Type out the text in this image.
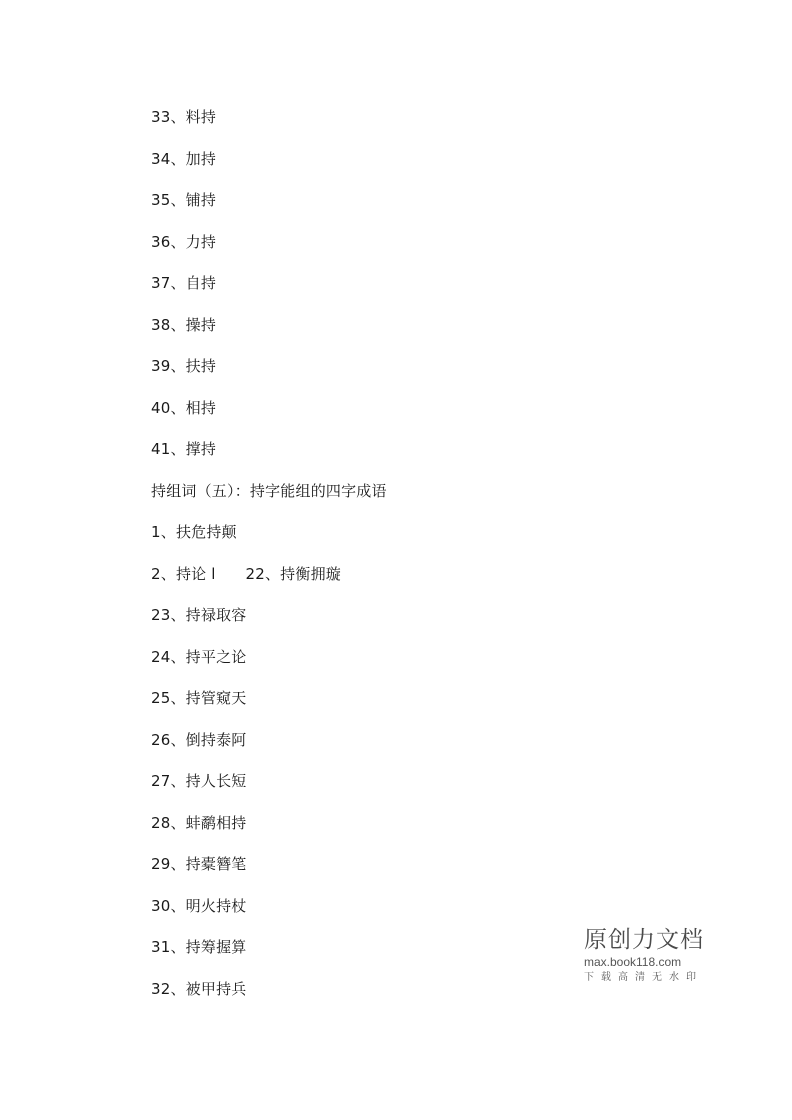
33、料持
34、加持
35、铺持
36、力持
37、自持
38、操持
39、扶持
40、相持
41、撑持
持组词（五）：持字能组的四字成语
1、扶危持颠
2、持论 l      22、持衡拥璇
23、持禄取容
24、持平之论
25、持管窥天
26、倒持泰阿
27、持人长短
28、蚌鹬相持
29、持橐簪笔
30、明火持杖
31、持筹握算
32、被甲持兵
原创力文档
max.book118.com
下载高清无水印
